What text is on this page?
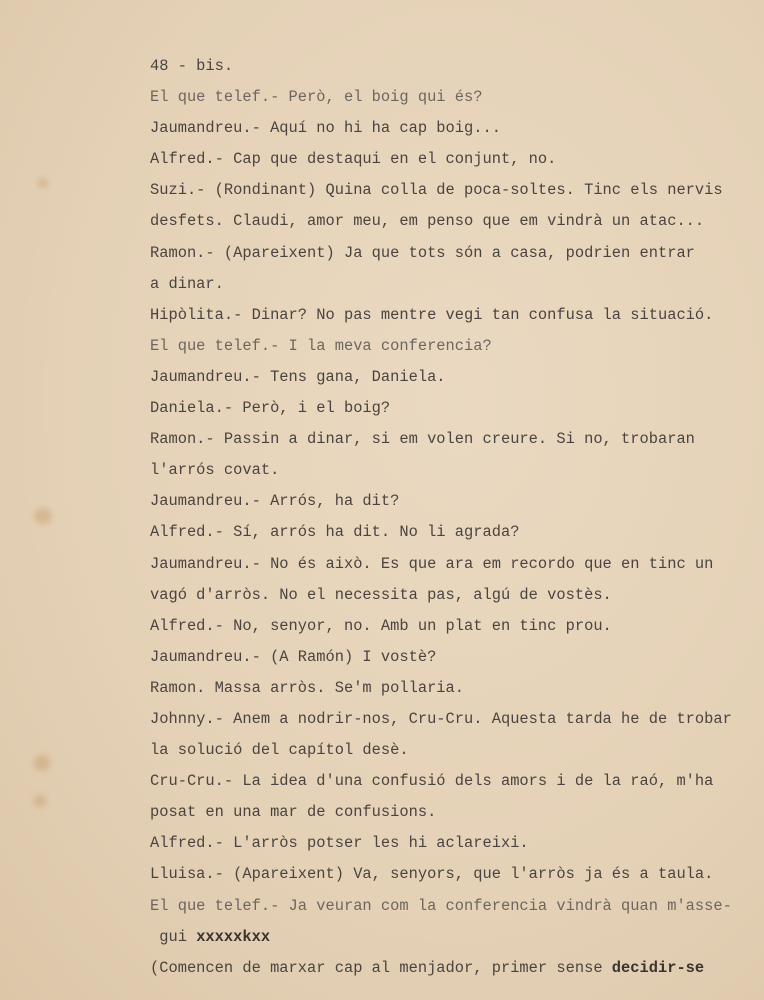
48 - bis.
El que telef.- Però, el boig qui és?
Jaumandreu.- Aquí no hi ha cap boig...
Alfred.- Cap que destaqui en el conjunt, no.
Suzi.- (Rondinant) Quina colla de poca-soltes. Tinc els nervis
desfets. Claudi, amor meu, em penso que em vindrà un atac...
Ramon.- (Apareixent) Ja que tots són a casa, podrien entrar
a dinar.
Hipòlita.- Dinar? No pas mentre vegi tan confusa la situació.
El que telef.- I la meva conferencia?
Jaumandreu.- Tens gana, Daniela.
Daniela.- Però, i el boig?
Ramon.- Passin a dinar, si em volen creure. Si no, trobaran
l'arrós covat.
Jaumandreu.- Arrós, ha dit?
Alfred.- Sí, arrós ha dit. No li agrada?
Jaumandreu.- No és això. Es que ara em recordo que en tinc un
vagó d'arròs. No el necessita pas, algú de vostès.
Alfred.- No, senyor, no. Amb un plat en tinc prou.
Jaumandreu.- (A Ramón) I vostè?
Ramon. Massa arròs. Se'm pollaria.
Johnny.- Anem a nodrir-nos, Cru-Cru. Aquesta tarda he de trobar
la solució del capítol desè.
Cru-Cru.- La idea d'una confusió dels amors i de la raó, m'ha
posat en una mar de confusions.
Alfred.- L'arròs potser les hi aclareixi.
Lluisa.- (Apareixent) Va, senyors, que l'arròs ja és a taula.
El que telef.- Ja veuran com la conferencia vindrà quan m'asse-
gui xxxxxkxx
(Comencen de marxar cap al menjador, primer sense decidir-se
